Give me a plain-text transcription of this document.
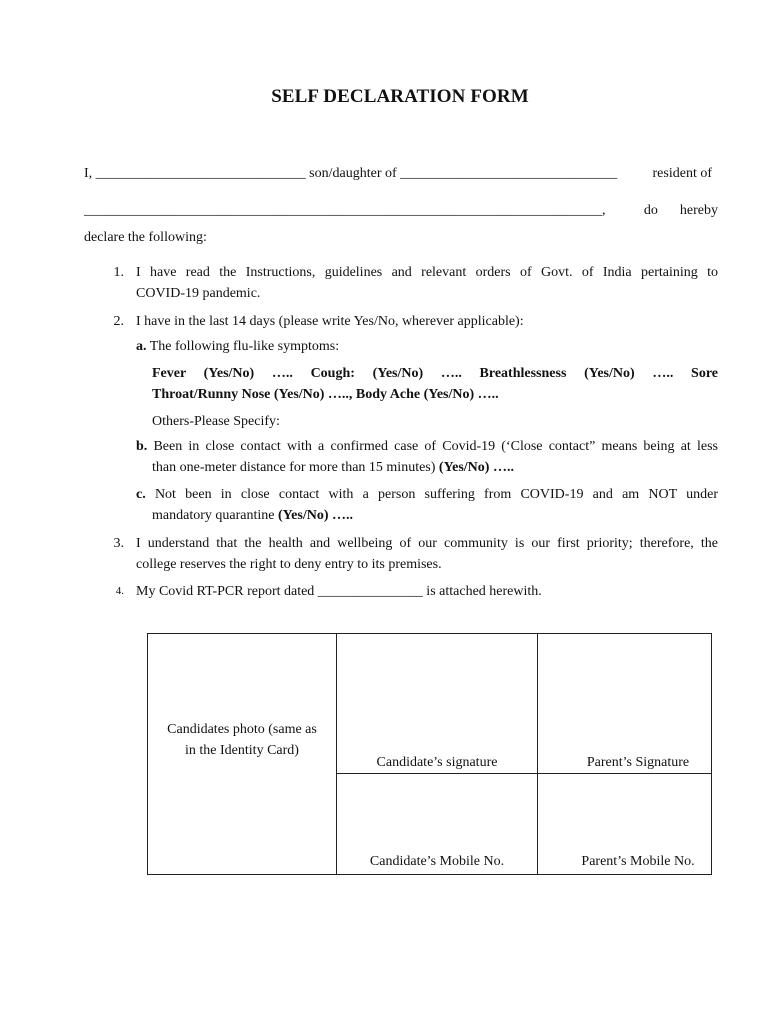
SELF DECLARATION FORM
I, ______________________________ son/daughter of _______________________________	resident of
__________________________________________________________________________,	do hereby
declare the following:
1. I have read the Instructions, guidelines and relevant orders of Govt. of India pertaining to
COVID-19 pandemic.
2. I have in the last 14 days (please write Yes/No, wherever applicable):
a. The following flu-like symptoms:
Fever  (Yes/No)  …..  Cough:  (Yes/No)  …..  Breathlessness  (Yes/No)  …..  Sore
Throat/Runny Nose (Yes/No) ….., Body Ache (Yes/No) …..
Others-Please Specify:
b. Been in close contact with a confirmed case of Covid-19 (‘Close contact” means being at less
than one-meter distance for more than 15 minutes) (Yes/No) …..
c. Not been in close contact with a person suffering from COVID-19 and am NOT under
mandatory quarantine (Yes/No) …..
3. I understand that the health and wellbeing of our community is our first priority; therefore, the
college reserves the right to deny entry to its premises.
4. My Covid RT-PCR report dated _______________ is attached herewith.
Candidates photo (same as
in the Identity Card)
Candidate’s signature	Parent’s Signature
Candidate’s Mobile No.	Parent’s Mobile No.
